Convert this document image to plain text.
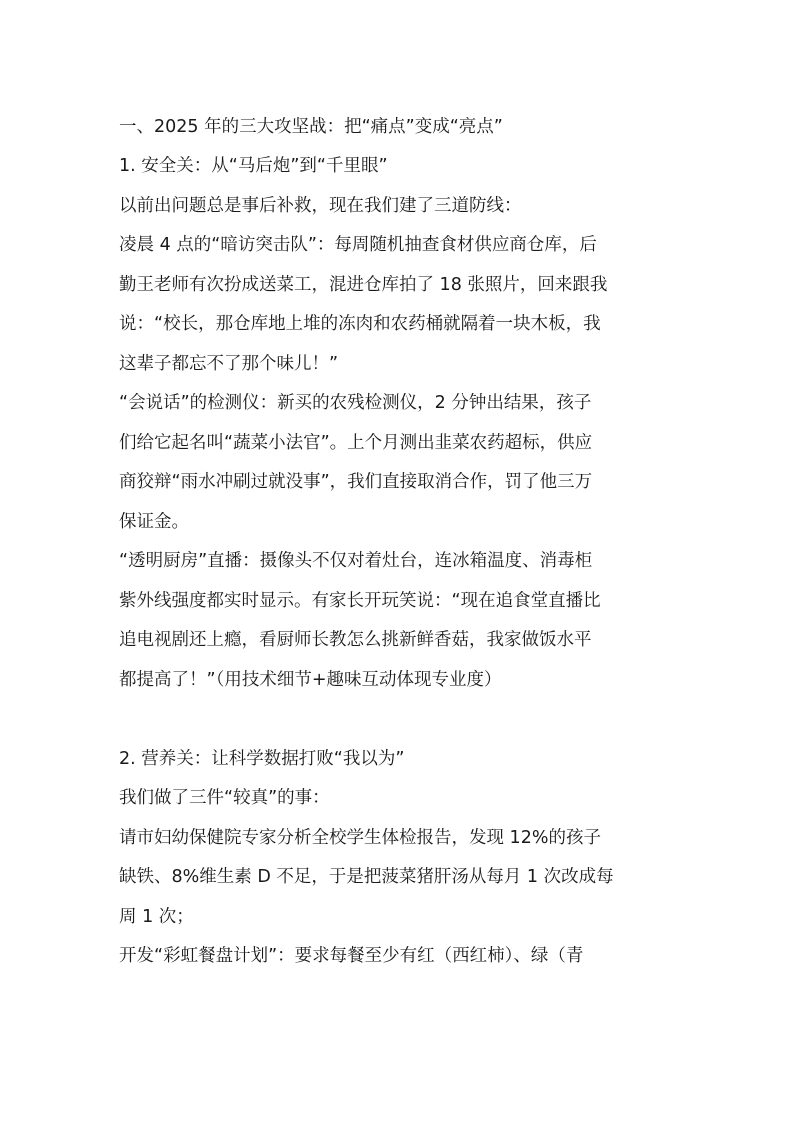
一、2025 年的三大攻坚战：把“痛点”变成“亮点”
1. 安全关：从“马后炮”到“千里眼”
以前出问题总是事后补救，现在我们建了三道防线：
凌晨 4 点的“暗访突击队”：每周随机抽查食材供应商仓库，后
勤王老师有次扮成送菜工，混进仓库拍了 18 张照片，回来跟我
说：“校长，那仓库地上堆的冻肉和农药桶就隔着一块木板，我
这辈子都忘不了那个味儿！”
“会说话”的检测仪：新买的农残检测仪，2 分钟出结果，孩子
们给它起名叫“蔬菜小法官”。上个月测出韭菜农药超标，供应
商狡辩“雨水冲刷过就没事”，我们直接取消合作，罚了他三万
保证金。
“透明厨房”直播：摄像头不仅对着灶台，连冰箱温度、消毒柜
紫外线强度都实时显示。有家长开玩笑说：“现在追食堂直播比
追电视剧还上瘾，看厨师长教怎么挑新鲜香菇，我家做饭水平
都提高了！”（用技术细节+趣味互动体现专业度）
2. 营养关：让科学数据打败“我以为”
我们做了三件“较真”的事：
请市妇幼保健院专家分析全校学生体检报告，发现 12%的孩子
缺铁、8%维生素 D 不足，于是把菠菜猪肝汤从每月 1 次改成每
周 1 次；
开发“彩虹餐盘计划”：要求每餐至少有红（西红柿）、绿（青
